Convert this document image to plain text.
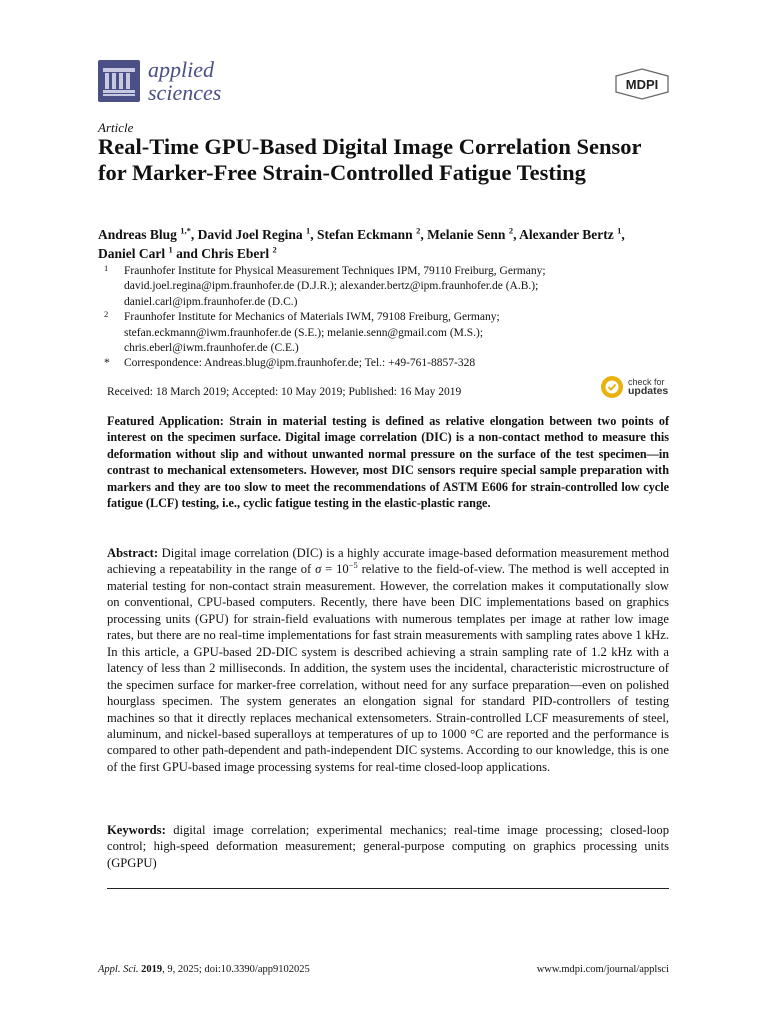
applied
sciences	MDPI
Article
Real-Time GPU-Based Digital Image Correlation Sensor for Marker-Free Strain-Controlled Fatigue Testing
Andreas Blug $^{1,*}$, David Joel Regina $^1$, Stefan Eckmann $^2$, Melanie Senn $^2$, Alexander Bertz $^1$,
Daniel Carl $^1$ and Chris Eberl $^2$
1 Fraunhofer Institute for Physical Measurement Techniques IPM, 79110 Freiburg, Germany;
david.joel.regina@ipm.fraunhofer.de (D.J.R.); alexander.bertz@ipm.fraunhofer.de (A.B.);
daniel.carl@ipm.fraunhofer.de (D.C.)
2 Fraunhofer Institute for Mechanics of Materials IWM, 79108 Freiburg, Germany;
stefan.eckmann@iwm.fraunhofer.de (S.E.); melanie.senn@gmail.com (M.S.);
chris.eberl@iwm.fraunhofer.de (C.E.)
* Correspondence: Andreas.blug@ipm.fraunhofer.de; Tel.: +49-761-8857-328
Received: 18 March 2019; Accepted: 10 May 2019; Published: 16 May 2019
check for
updates

Featured Application: Strain in material testing is defined as relative elongation between two points of interest on the specimen surface. Digital image correlation (DIC) is a non-contact method to measure this deformation without slip and without unwanted normal pressure on the surface of the test specimen—in contrast to mechanical extensometers. However, most DIC sensors require special sample preparation with markers and they are too slow to meet the recommendations of ASTM E606 for strain-controlled low cycle fatigue (LCF) testing, i.e., cyclic fatigue testing in the elastic-plastic range.

Abstract: Digital image correlation (DIC) is a highly accurate image-based deformation measurement method achieving a repeatability in the range of $\sigma = 10^{-5}$ relative to the field-of-view. The method is well accepted in material testing for non-contact strain measurement. However, the correlation makes it computationally slow on conventional, CPU-based computers. Recently, there have been DIC implementations based on graphics processing units (GPU) for strain-field evaluations with numerous templates per image at rather low image rates, but there are no real-time implementations for fast strain measurements with sampling rates above 1 kHz. In this article, a GPU-based 2D-DIC system is described achieving a strain sampling rate of 1.2 kHz with a latency of less than 2 milliseconds. In addition, the system uses the incidental, characteristic microstructure of the specimen surface for marker-free correlation, without need for any surface preparation—even on polished hourglass specimen. The system generates an elongation signal for standard PID-controllers of testing machines so that it directly replaces mechanical extensometers. Strain-controlled LCF measurements of steel, aluminum, and nickel-based superalloys at temperatures of up to 1000 °C are reported and the performance is compared to other path-dependent and path-independent DIC systems. According to our knowledge, this is one of the first GPU-based image processing systems for real-time closed-loop applications.

Keywords: digital image correlation; experimental mechanics; real-time image processing; closed-loop control; high-speed deformation measurement; general-purpose computing on graphics processing units (GPGPU)

Appl. Sci. 2019, 9, 2025; doi:10.3390/app9102025	www.mdpi.com/journal/applsci
